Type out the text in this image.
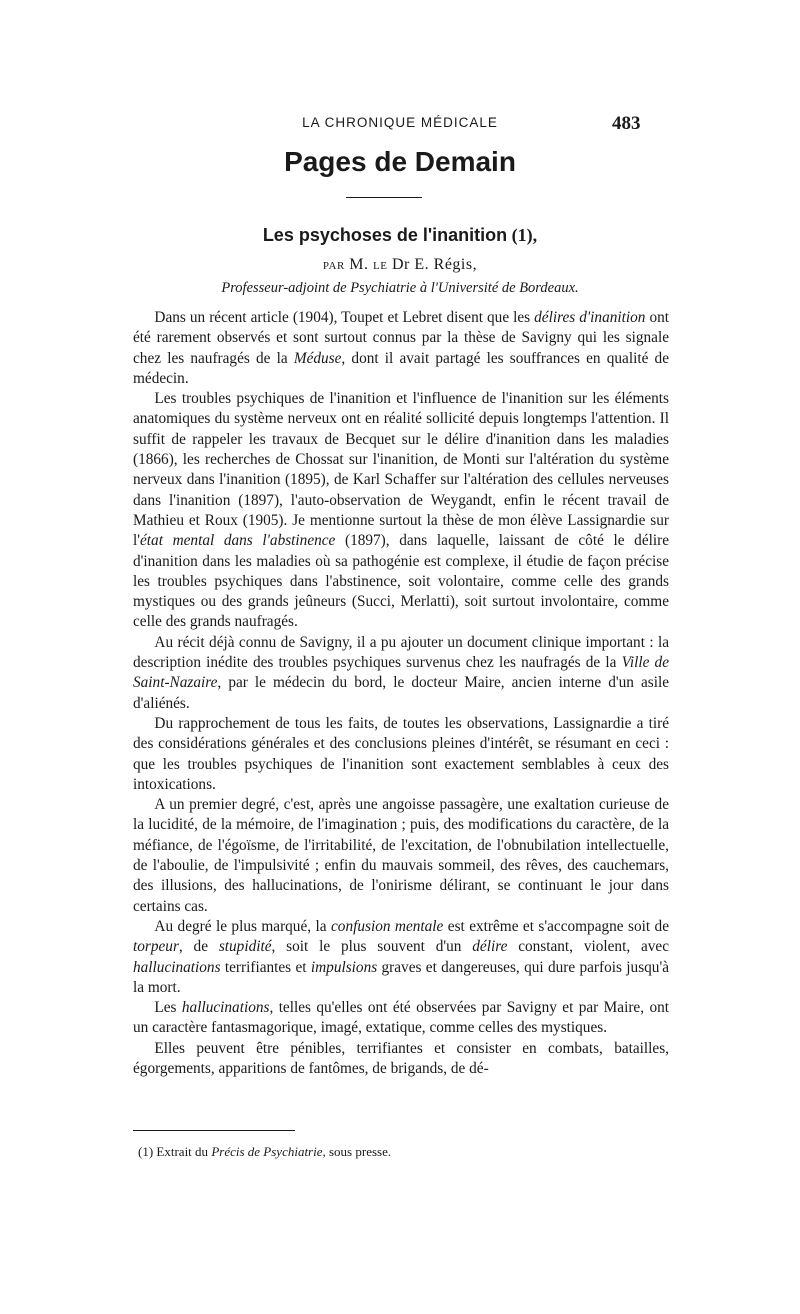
LA CHRONIQUE MÉDICALE	483
Pages de Demain
Les psychoses de l'inanition (1),
PAR M. LE Dr E. Régis,
Professeur-adjoint de Psychiatrie à l'Université de Bordeaux.

Dans un récent article (1904), Toupet et Lebret disent que les délires d'inanition ont été rarement observés et sont surtout connus par la thèse de Savigny qui les signale chez les naufragés de la Méduse, dont il avait partagé les souffrances en qualité de médecin.

Les troubles psychiques de l'inanition et l'influence de l'inanition sur les éléments anatomiques du système nerveux ont en réalité sollicité depuis longtemps l'attention. Il suffit de rappeler les travaux de Becquet sur le délire d'inanition dans les maladies (1866), les recherches de Chossat sur l'inanition, de Monti sur l'altération du système nerveux dans l'inanition (1895), de Karl Schaffer sur l'altération des cellules nerveuses dans l'inanition (1897), l'auto-observation de Weygandt, enfin le récent travail de Mathieu et Roux (1905). Je mentionne surtout la thèse de mon élève Lassignardie sur l'état mental dans l'abstinence (1897), dans laquelle, laissant de côté le délire d'inanition dans les maladies où sa pathogénie est complexe, il étudie de façon précise les troubles psychiques dans l'abstinence, soit volontaire, comme celle des grands mystiques ou des grands jeûneurs (Succi, Merlatti), soit surtout involontaire, comme celle des grands naufragés.

Au récit déjà connu de Savigny, il a pu ajouter un document clinique important : la description inédite des troubles psychiques survenus chez les naufragés de la Ville de Saint-Nazaire, par le médecin du bord, le docteur Maire, ancien interne d'un asile d'aliénés.

Du rapprochement de tous les faits, de toutes les observations, Lassignardie a tiré des considérations générales et des conclusions pleines d'intérêt, se résumant en ceci : que les troubles psychiques de l'inanition sont exactement semblables à ceux des intoxications.

A un premier degré, c'est, après une angoisse passagère, une exaltation curieuse de la lucidité, de la mémoire, de l'imagination ; puis, des modifications du caractère, de la méfiance, de l'égoïsme, de l'irritabilité, de l'excitation, de l'obnubilation intellectuelle, de l'aboulie, de l'impulsivité ; enfin du mauvais sommeil, des rêves, des cauchemars, des illusions, des hallucinations, de l'onirisme délirant, se continuant le jour dans certains cas.

Au degré le plus marqué, la confusion mentale est extrême et s'accompagne soit de torpeur, de stupidité, soit le plus souvent d'un délire constant, violent, avec hallucinations terrifiantes et impulsions graves et dangereuses, qui dure parfois jusqu'à la mort.

Les hallucinations, telles qu'elles ont été observées par Savigny et par Maire, ont un caractère fantasmagorique, imagé, extatique, comme celles des mystiques.

Elles peuvent être pénibles, terrifiantes et consister en combats, batailles, égorgements, apparitions de fantômes, de brigands, de dé-

(1) Extrait du Précis de Psychiatrie, sous presse.
